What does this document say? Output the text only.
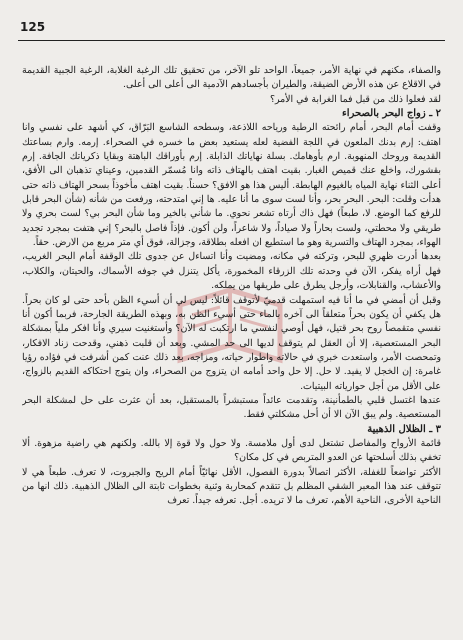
125

والصفاء، مكنهم في نهاية الأمر، جميعاً، الواحد تلو الآخر، من تحقيق تلك الرغبة الغلابة، الرغبة الجبية القديمة في الاقلاع عن هذه الأرض الضيقة، والطيران بأجسادهم الآدمية الى أعلى الى أعلى.

لقد فعلوا ذلك من قبل فما الغرابة في الأمر؟

٢ ـ زواج البحر بالصحراء

وقفت أمام البحر، أمام رائحته الرطبة ورياحه اللاذعة، وسطحه الشاسع البَرّاق، كي أشهد على نفسي وانا اهتف: إرم بدنك الملعون في اللجة الفضية لعله يستعيد بعض ما خسره في الصحراء. إرمه. وارم بساعتك القديمة وروحك المنهوبة. ارم بأوهامك. بسلة نهاياتك الذابلة. إرم بأوراقك الباهتة وبقايا ذكرياتك الجافة. إرم بقشورك، واخلع عنك قميص الغبار. بقيت اهتف بالهتاف ذاته وانا مُسمّر القدمين، وعيناي تذهبان الى الأفق، أعلى الثناء نهاية المياه بالغيوم الهابطة. أليس هذا هو الافق؟ حسناً. بقيت اهتف مأخوذاً بسحر الهتاف ذاته حتى هدأت وقلت: البحر. البحر بحر، وأنا لست سوى ما أنا عليه. ها إني امتدحته، ورفعت من شأنه (شأن البحر قابل للرفع كما الوضع. لا، طبعاً) فهل ذاك أرتاه تشعر نحوي. ما شأني بالخير وما شأن البحر بي؟ لست بحري ولا طريقي ولا محطتي، ولست بحاراً ولا صياداً، ولا شاعراً، ولن أكون. فإذاً فاصل بالبحر؟ إني هتفت بمجرد تجديد الهواء، بمجرد الهتاف والتسرية وهو ما استطيع ان افعله بطلاقة، وجزالة، فوق أي متر مربع من الارض. حقاً.

بعدها أدرت ظهري للبحر، وتركته في مكانه، ومضيت وأنا اتساءل عن جدوى تلك الوقفة أمام البحر الغريب، فهل أراه يفكر، الآن في وحدته تلك الزرقاء المخمورة، يأكل يتنزل في جوفه الأسماك، والحيتان، والكلاب، والأعشاب، والقنابلات، وأرجل يطرق على طريقها من يملكه.

وقبل أن أمضي في ما أنا فيه استمهلت قدميّ لأتوقف قائلاً: ليس لي أن أسيء الظن بأحد حتى لو كان بحراً. هل يكفي أن يكون بحراً متعلقاً الى آخره بالماء حتى أسيء الظن به، وبهذه الطريقة الجارحة، فربما أكون أنا نفسي متقمصاً روح بحر قتيل، فهل أوصي لنفسي ما ارتكبت له الآن؟ وأستغنيت سيري وأنا افكر ملياً بمشكلة البحر المستعصية، إلا أن العقل لم يتوقف لديها الى حد المشي. وبعد أن قلبت ذهني، وقدحت زناد الافكار، وتمحصت الأمر، واستعدت خبري في حالاته واطوار حياته، ومزاجه، بعد ذلك عنت كمن أشرفت في فؤاده رؤيا غامرة: إن الخجل لا يفيد. لا حل. إلا حل واحد أمامه ان يتزوج من الصحراء، وان يتوج احتكاكه القديم بالزواج، على الأقل من أجل حوارياته البيتيات.

عندها اغتسل قلبي بالطمأنينة، وتقدمت عائداً مستبشراً بالمستقبل، بعد أن عثرت على حل لمشكلة البحر المستعصية. ولم يبق الآن الا أن أحل مشكلتي فقط.

٣ ـ الظلال الذهبية

قائمة الأرواح والمفاصل تشتعل لدى أول ملامسة. ولا حول ولا قوة إلا بالله. ولكنهم هي راضية مزهوة. ألا تخفي بذلك أسلحتها عن العدو المتربص في كل مكان؟

الأكثر تواضعاً للغفلة، الأكثر اتصالاً بدورة الفصول، الأقل نهائيّاً أمام الريح والجبروت، لا تعرف. طبعاً هي لا تتوقف عند هذا المعبر الشقي المظلم بل تتقدم كمحاربة وثنية بخطوات ثابتة الى الظلال الذهبية. ذلك انها من الناحية الأخرى، الناحية الأهم، تعرف ما لا تريده. أجل. تعرفه جيداً. تعرف
